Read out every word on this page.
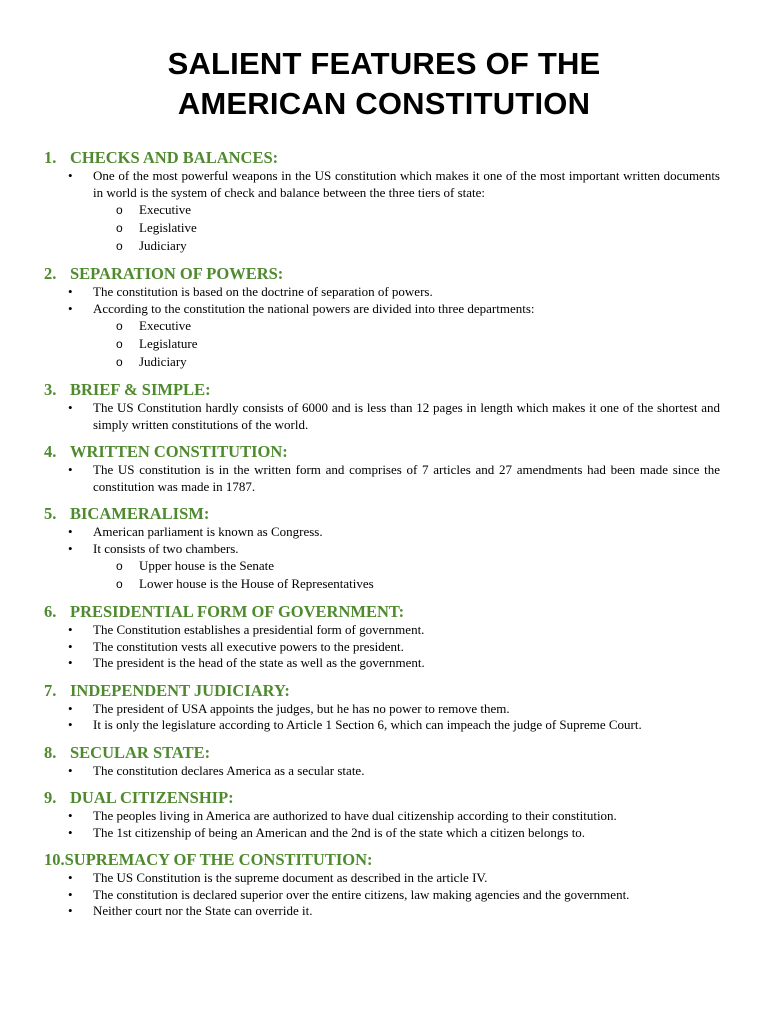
SALIENT FEATURES OF THE
AMERICAN CONSTITUTION
1. CHECKS AND BALANCES:
• One of the most powerful weapons in the US constitution which makes it one of the most important written documents in world is the system of check and balance between the three tiers of state:
o Executive
o Legislative
o Judiciary
2. SEPARATION OF POWERS:
• The constitution is based on the doctrine of separation of powers.
• According to the constitution the national powers are divided into three departments:
o Executive
o Legislature
o Judiciary
3. BRIEF & SIMPLE:
• The US Constitution hardly consists of 6000 and is less than 12 pages in length which makes it one of the shortest and simply written constitutions of the world.
4. WRITTEN CONSTITUTION:
• The US constitution is in the written form and comprises of 7 articles and 27 amendments had been made since the constitution was made in 1787.
5. BICAMERALISM:
• American parliament is known as Congress.
• It consists of two chambers.
o Upper house is the Senate
o Lower house is the House of Representatives
6. PRESIDENTIAL FORM OF GOVERNMENT:
• The Constitution establishes a presidential form of government.
• The constitution vests all executive powers to the president.
• The president is the head of the state as well as the government.
7. INDEPENDENT JUDICIARY:
• The president of USA appoints the judges, but he has no power to remove them.
• It is only the legislature according to Article 1 Section 6, which can impeach the judge of Supreme Court.
8. SECULAR STATE:
• The constitution declares America as a secular state.
9. DUAL CITIZENSHIP:
• The peoples living in America are authorized to have dual citizenship according to their constitution.
• The 1st citizenship of being an American and the 2nd is of the state which a citizen belongs to.
10. SUPREMACY OF THE CONSTITUTION:
• The US Constitution is the supreme document as described in the article IV.
• The constitution is declared superior over the entire citizens, law making agencies and the government.
• Neither court nor the State can override it.
